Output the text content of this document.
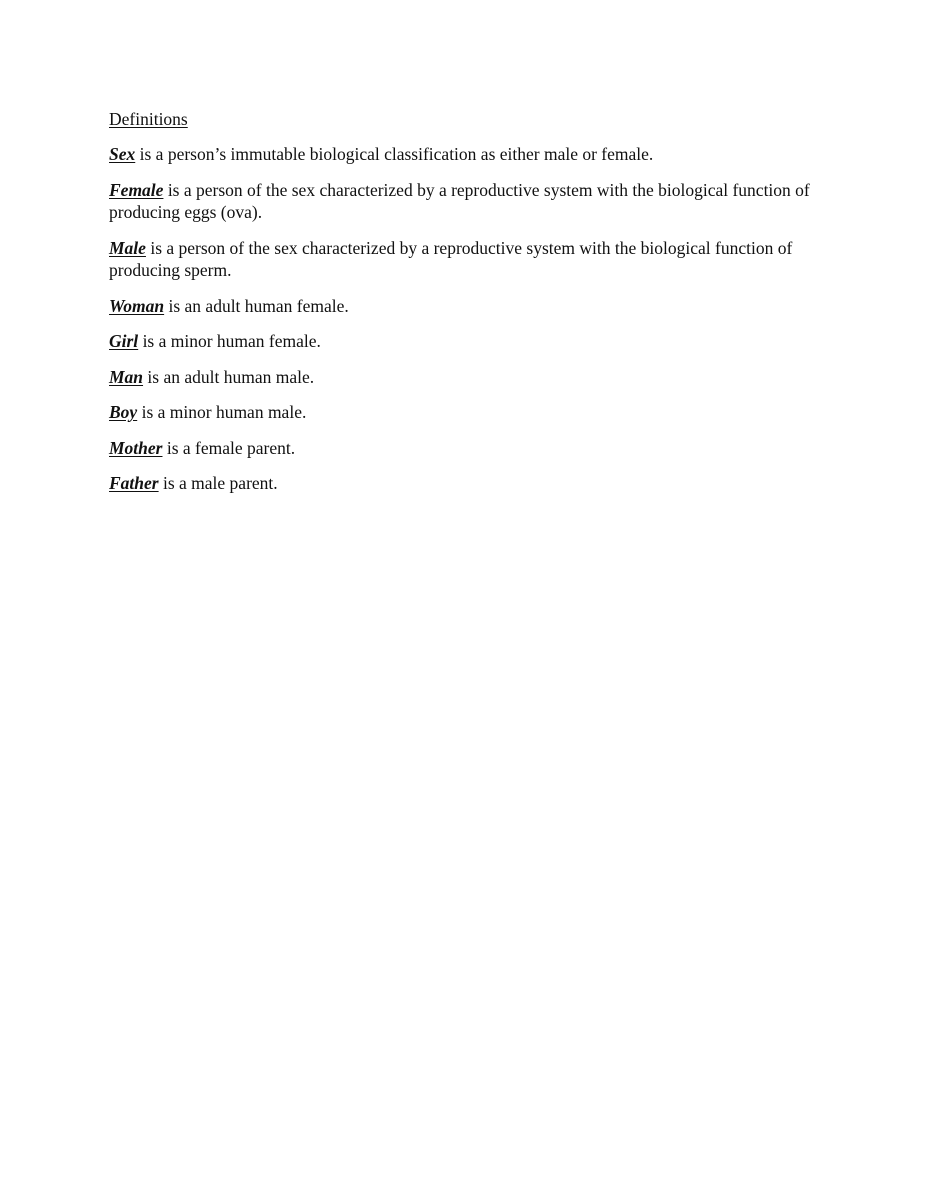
Definitions

Sex is a person’s immutable biological classification as either male or female.

Female is a person of the sex characterized by a reproductive system with the biological function of producing eggs (ova).

Male is a person of the sex characterized by a reproductive system with the biological function of producing sperm.

Woman is an adult human female.

Girl is a minor human female.

Man is an adult human male.

Boy is a minor human male.

Mother is a female parent.

Father is a male parent.
